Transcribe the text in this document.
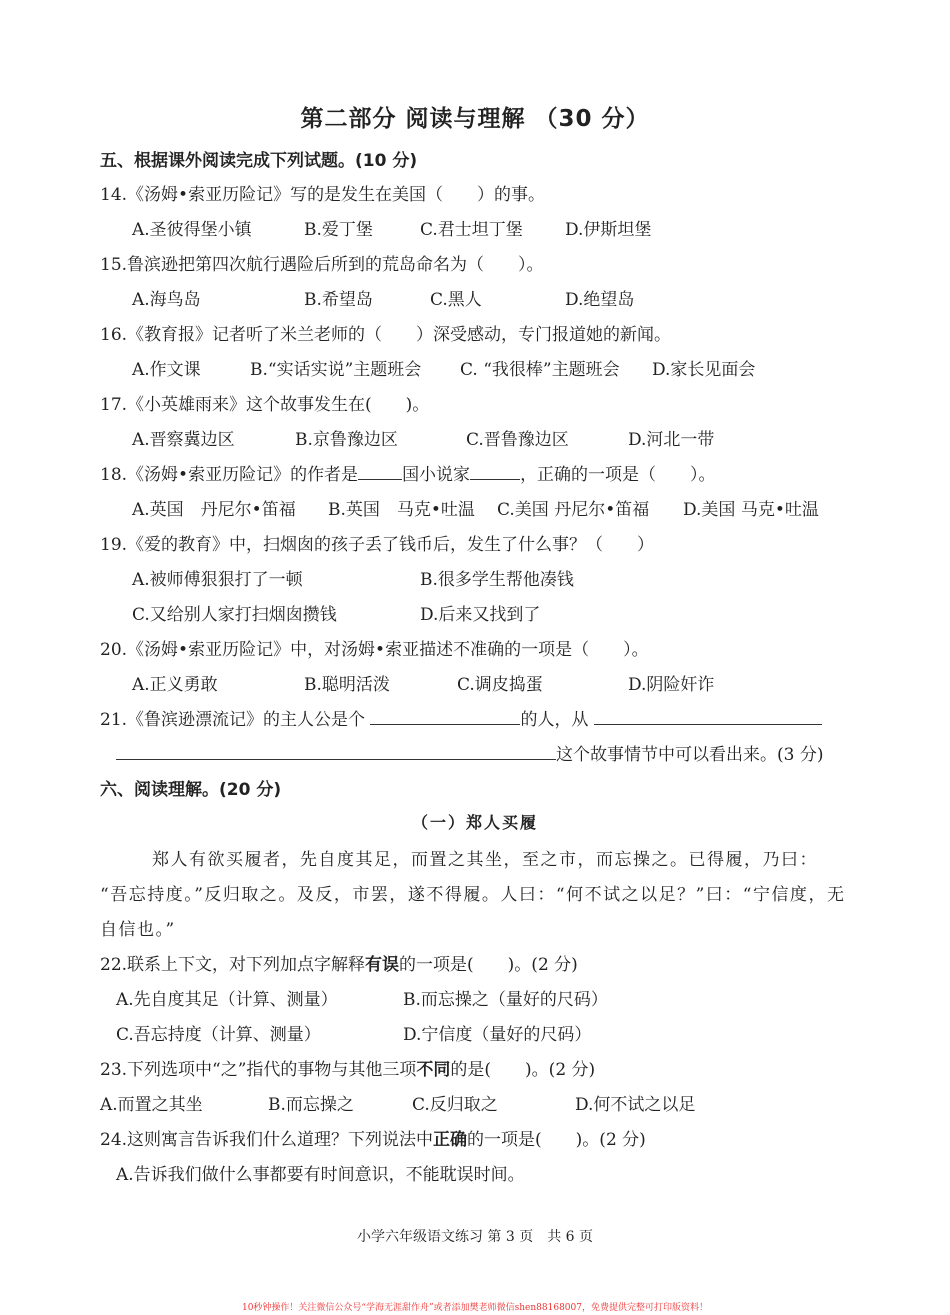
第二部分 阅读与理解 （30 分）
五、根据课外阅读完成下列试题。(10 分)
14.《汤姆•索亚历险记》写的是发生在美国（　　）的事。
A.圣彼得堡小镇	B.爱丁堡	C.君士坦丁堡 D.伊斯坦堡
15.鲁滨逊把第四次航行遇险后所到的荒岛命名为（　　）。
A.海鸟岛	B.希望岛	C.黑人	D.绝望岛
16.《教育报》记者听了米兰老师的（　　）深受感动，专门报道她的新闻。
A.作文课	B.“实话实说”主题班会 C. “我很棒”主题班会 D.家长见面会
17.《小英雄雨来》这个故事发生在(　　)。
A.晋察冀边区	B.京鲁豫边区	C.晋鲁豫边区	D.河北一带
18.《汤姆•索亚历险记》的作者是	国小说家	，正确的一项是（　　）。
A.英国　丹尼尔•笛福 B.英国　马克•吐温 C.美国 丹尼尔•笛福 D.美国 马克•吐温
19.《爱的教育》中，扫烟囱的孩子丢了钱币后，发生了什么事？（　　）
A.被师傅狠狠打了一顿	B.很多学生帮他凑钱
C.又给别人家打扫烟囱攒钱	D.后来又找到了
20.《汤姆•索亚历险记》中，对汤姆•索亚描述不准确的一项是（　　）。
A.正义勇敢	B.聪明活泼	C.调皮捣蛋	D.阴险奸诈
21.《鲁滨逊漂流记》的主人公是个	的人，从
这个故事情节中可以看出来。(3 分)
六、阅读理解。(20 分)
（一）郑人买履
郑人有欲买履者，先自度其足，而置之其坐，至之市，而忘操之。已得履，乃曰：
“吾忘持度。”反归取之。及反，市罢，遂不得履。人曰：“何不试之以足？”曰：“宁信度，无
自信也。”
22.联系上下文，对下列加点字解释有误的一项是(　　)。(2 分)
A.先自度其足（计算、测量）	B.而忘操之（量好的尺码）
C.吾忘持度（计算、测量）	D.宁信度（量好的尺码）
23.下列选项中“之”指代的事物与其他三项不同的是(　　)。(2 分)
A.而置之其坐	B.而忘操之	C.反归取之	D.何不试之以足
24.这则寓言告诉我们什么道理？下列说法中正确的一项是(　　)。(2 分)
A.告诉我们做什么事都要有时间意识，不能耽误时间。
小学六年级语文练习 第 3 页　共 6 页
10秒钟操作！关注微信公众号“学海无涯甜作舟”或者添加樊老师微信shen88168007，免费提供完整可打印版资料！
